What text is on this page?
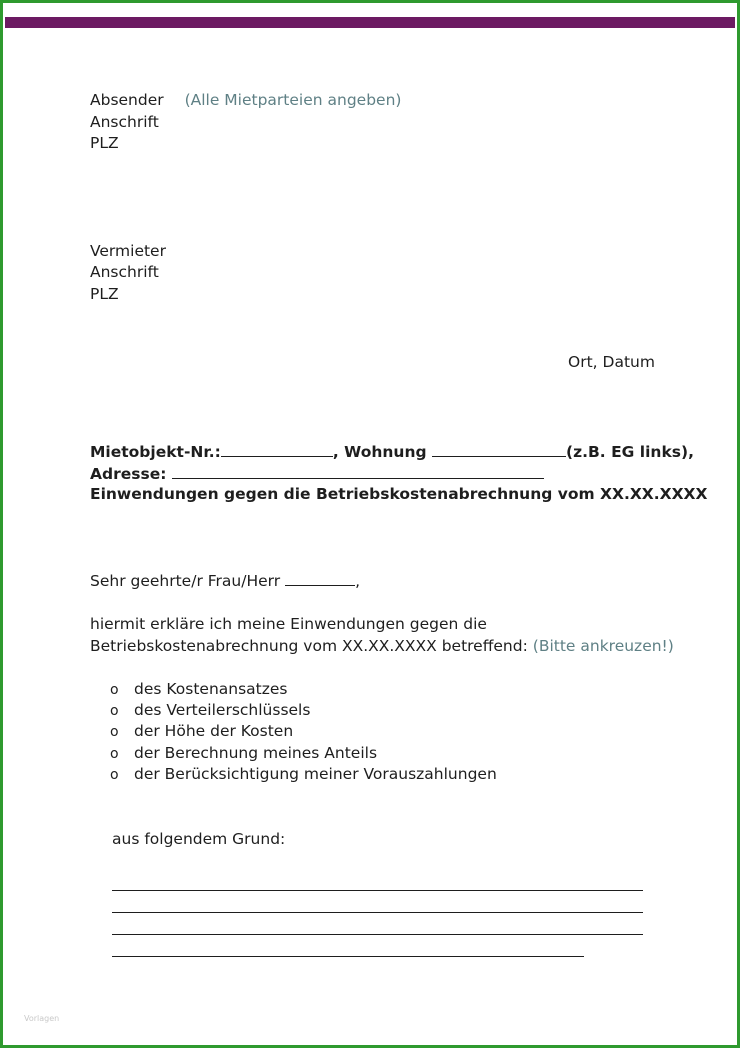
Absender (Alle Mietparteien angeben)
Anschrift
PLZ
Vermieter
Anschrift
PLZ
Ort, Datum
Mietobjekt-Nr.:	, Wohnung	(z.B. EG links),
Adresse:
Einwendungen gegen die Betriebskostenabrechnung vom XX.XX.XXXX
Sehr geehrte/r Frau/Herr	,
hiermit erkläre ich meine Einwendungen gegen die
Betriebskostenabrechnung vom XX.XX.XXXX betreffend: (Bitte ankreuzen!)
o des Kostenansatzes
o des Verteilerschlüssels
o der Höhe der Kosten
o der Berechnung meines Anteils
o der Berücksichtigung meiner Vorauszahlungen
aus folgendem Grund:
Vorlagen
